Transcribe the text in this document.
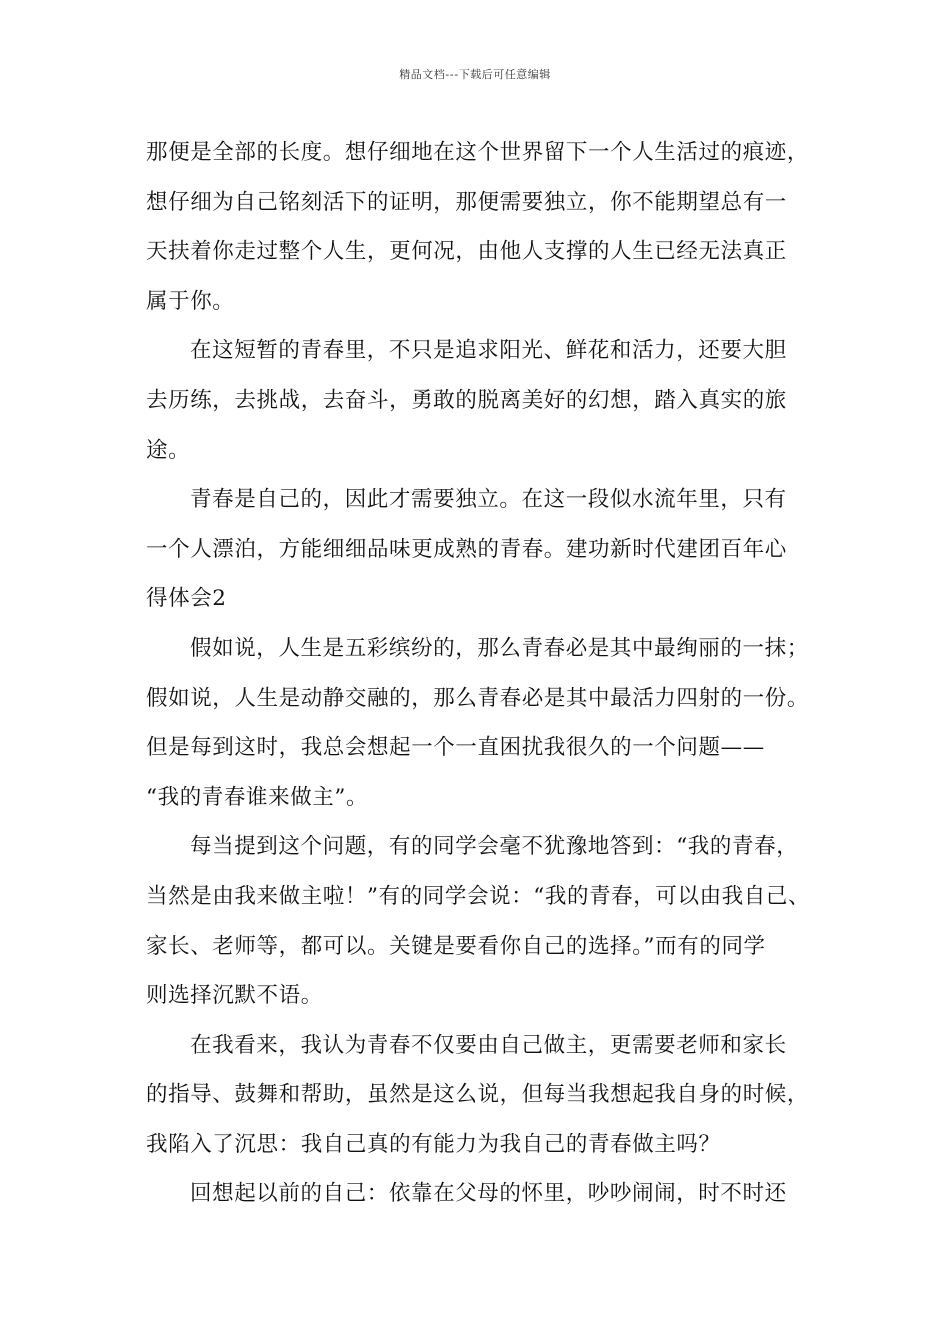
精品文档---下载后可任意编辑
那便是全部的长度。想仔细地在这个世界留下一个人生活过的痕迹，
想仔细为自己铭刻活下的证明，那便需要独立，你不能期望总有一
天扶着你走过整个人生，更何况，由他人支撑的人生已经无法真正
属于你。
在这短暂的青春里，不只是追求阳光、鲜花和活力，还要大胆
去历练，去挑战，去奋斗，勇敢的脱离美好的幻想，踏入真实的旅
途。
青春是自己的，因此才需要独立。在这一段似水流年里，只有
一个人漂泊，方能细细品味更成熟的青春。建功新时代建团百年心
得体会2
假如说，人生是五彩缤纷的，那么青春必是其中最绚丽的一抹；
假如说，人生是动静交融的，那么青春必是其中最活力四射的一份。
但是每到这时，我总会想起一个一直困扰我很久的一个问题——
“我的青春谁来做主”。
每当提到这个问题，有的同学会毫不犹豫地答到：“我的青春，
当然是由我来做主啦！”有的同学会说：“我的青春，可以由我自己、
家长、老师等，都可以。关键是要看你自己的选择。”而有的同学
则选择沉默不语。
在我看来，我认为青春不仅要由自己做主，更需要老师和家长
的指导、鼓舞和帮助，虽然是这么说，但每当我想起我自身的时候，
我陷入了沉思：我自己真的有能力为我自己的青春做主吗？
回想起以前的自己：依靠在父母的怀里，吵吵闹闹，时不时还
